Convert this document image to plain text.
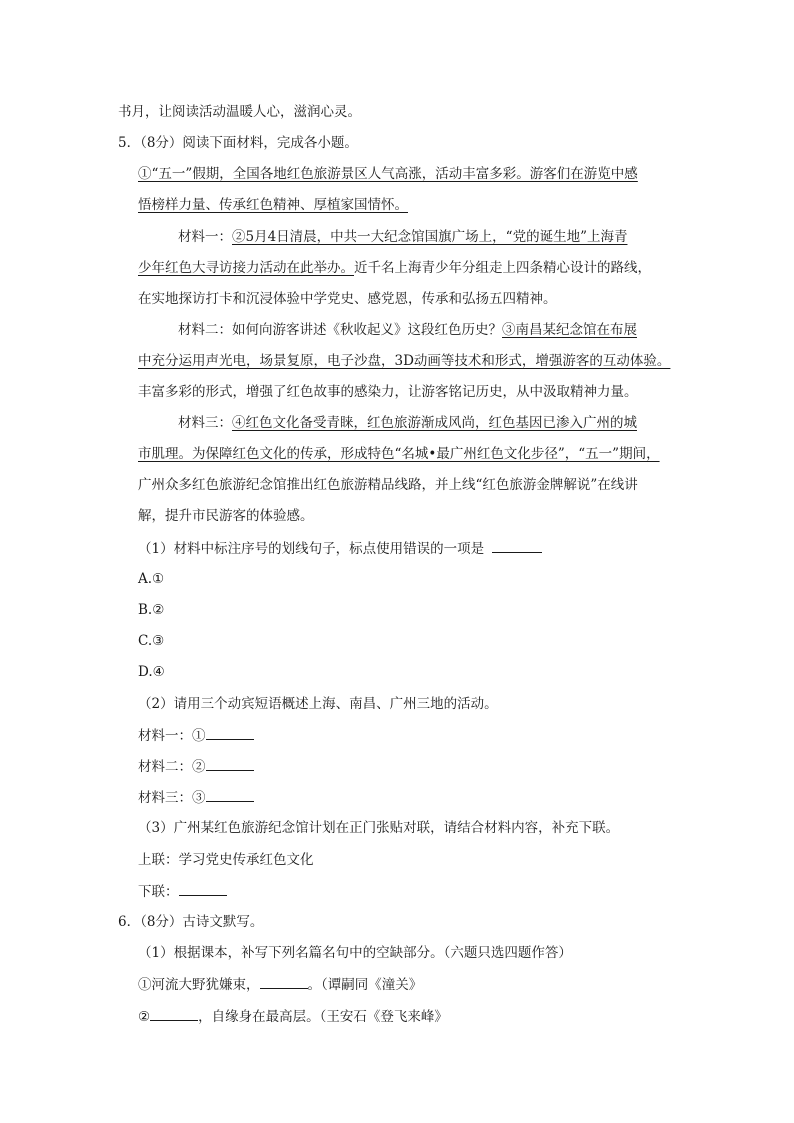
书月，让阅读活动温暖人心，滋润心灵。
5．（8分）阅读下面材料，完成各小题。
①“五一”假期，全国各地红色旅游景区人气高涨，活动丰富多彩。游客们在游览中感
悟榜样力量、传承红色精神、厚植家国情怀。
材料一：②5月4日清晨，中共一大纪念馆国旗广场上，“党的诞生地”上海青
少年红色大寻访接力活动在此举办。近千名上海青少年分组走上四条精心设计的路线，
在实地探访打卡和沉浸体验中学党史、感党恩，传承和弘扬五四精神。
材料二：如何向游客讲述《秋收起义》这段红色历史？③南昌某纪念馆在布展
中充分运用声光电，场景复原，电子沙盘，3D动画等技术和形式，增强游客的互动体验。
丰富多彩的形式，增强了红色故事的感染力，让游客铭记历史，从中汲取精神力量。
材料三：④红色文化备受青睐，红色旅游渐成风尚，红色基因已渗入广州的城
市肌理。为保障红色文化的传承，形成特色“名城•最广州红色文化步径”，“五一”期间，
广州众多红色旅游纪念馆推出红色旅游精品线路，并上线“红色旅游金牌解说”在线讲
解，提升市民游客的体验感。
（1）材料中标注序号的划线句子，标点使用错误的一项是
A.①
B.②
C.③
D.④
（2）请用三个动宾短语概述上海、南昌、广州三地的活动。
材料一：①
材料二：②
材料三：③
（3）广州某红色旅游纪念馆计划在正门张贴对联，请结合材料内容，补充下联。
上联：学习党史传承红色文化
下联：
6．（8分）古诗文默写。
（1）根据课本，补写下列名篇名句中的空缺部分。（六题只选四题作答）
①河流大野犹嫌束，	。（谭嗣同《潼关》
②	，自缘身在最高层。（王安石《登飞来峰》
